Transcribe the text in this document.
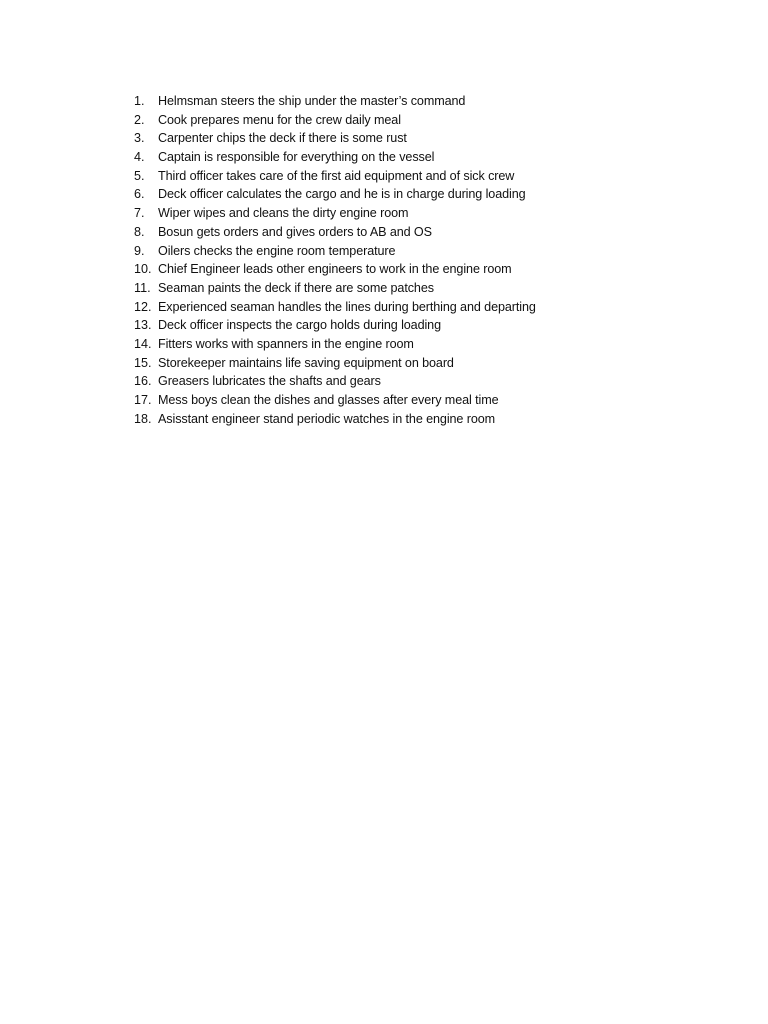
1.	Helmsman steers the ship under the master’s command
2.	Cook prepares menu for the crew daily meal
3.	Carpenter chips the deck if there is some rust
4.	Captain is responsible for everything on the vessel
5.	Third officer takes care of the first aid equipment and of sick crew
6.	Deck officer calculates the cargo and he is in charge during loading
7.	Wiper wipes and cleans the dirty engine room
8.	Bosun gets orders and gives orders to AB and OS
9.	Oilers checks the engine room temperature
10. Chief Engineer leads other engineers to work in the engine room
11. Seaman paints the deck if there are some patches
12. Experienced seaman handles the lines during berthing and departing
13. Deck officer inspects the cargo holds during loading
14. Fitters works with spanners in the engine room
15. Storekeeper maintains life saving equipment on board
16. Greasers lubricates the shafts and gears
17. Mess boys clean the dishes and glasses after every meal time
18. Asisstant engineer stand periodic watches in the engine room
